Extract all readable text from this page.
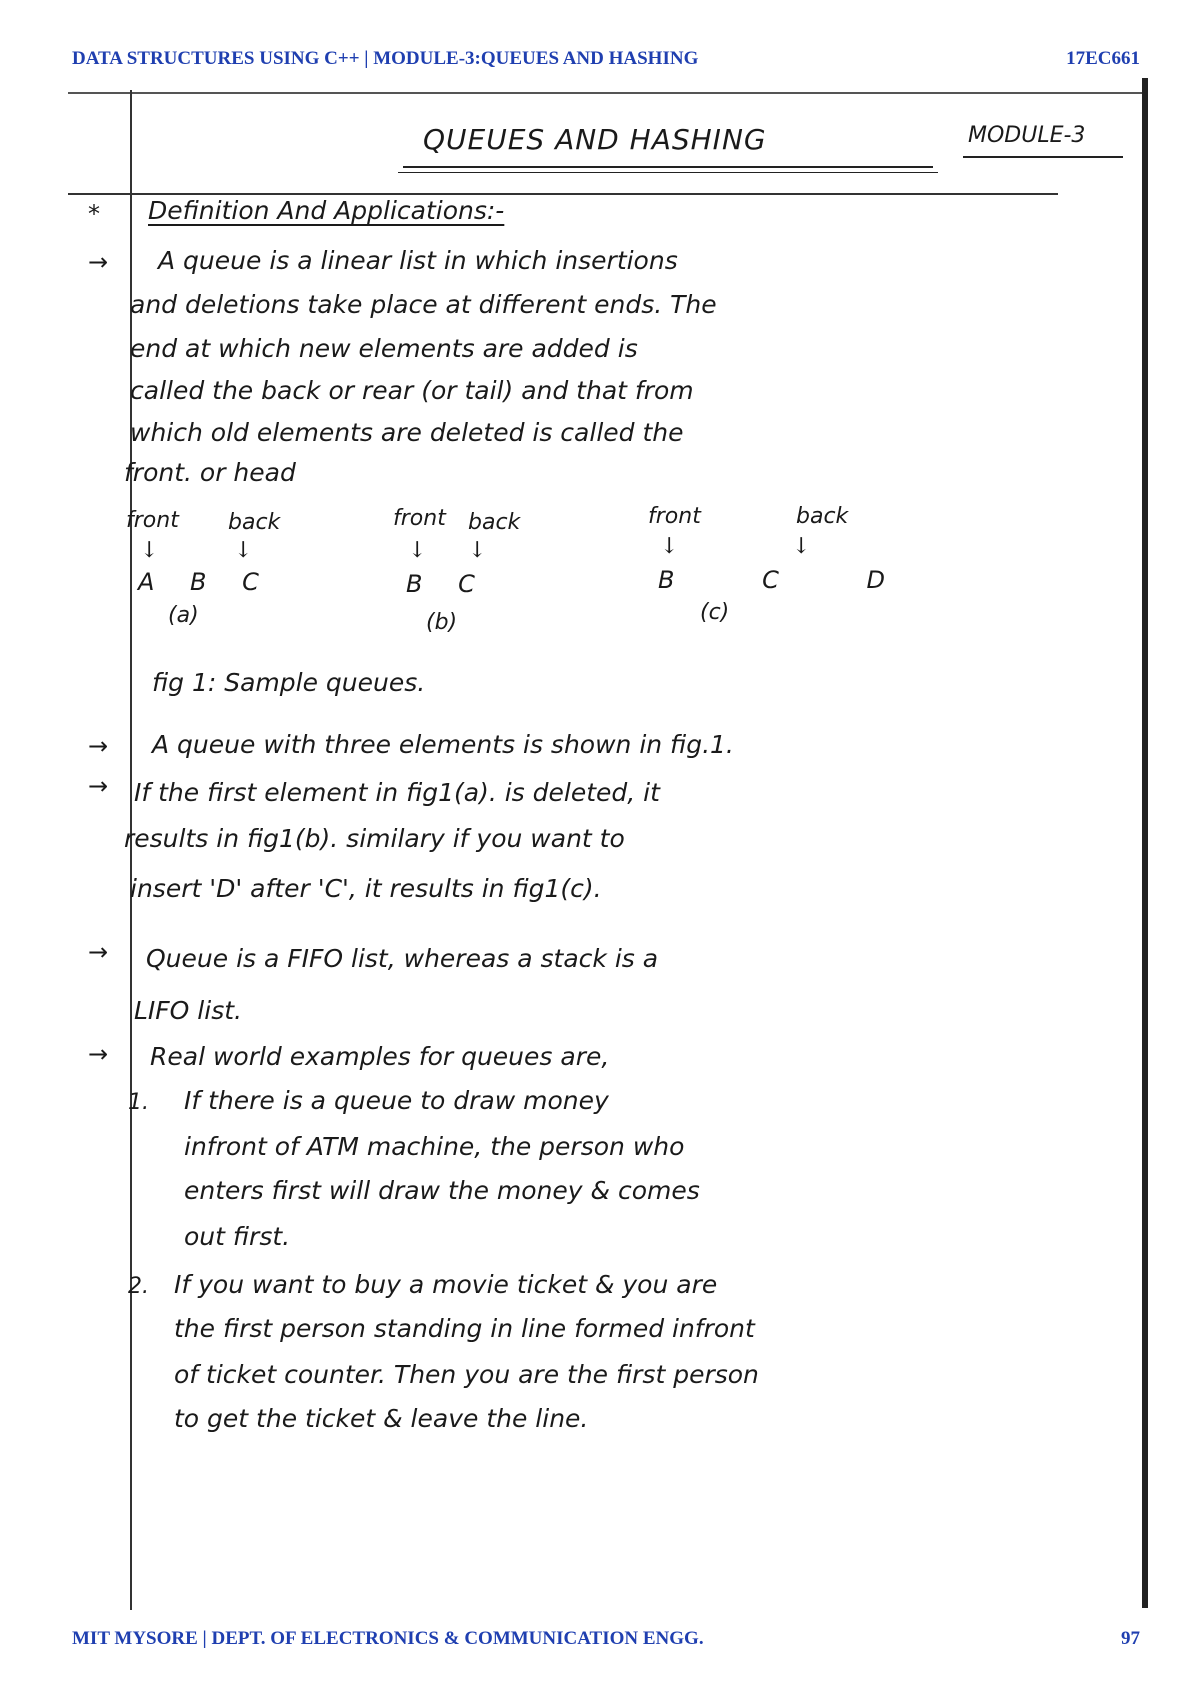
DATA STRUCTURES USING C++ | MODULE-3:QUEUES AND HASHING	17EC661
QUEUES AND HASHING	MODULE-3
* Definition And Applications:-
→ A queue is a linear list in which insertions
and deletions take place at different ends. The
end at which new elements are added is
called the back or rear (or tail) and that from
which old elements are deleted is called the
front. or head
front back
↓	↓
A B C
(a)
front back
↓ ↓
B C
(b)
front	back
↓	↓
B C D
(c)
fig 1: Sample queues.
→ A queue with three elements is shown in fig.1.
→ If the first element in fig1(a). is deleted, it
results in fig1(b). similary if you want to
insert 'D' after 'C', it results in fig1(c).
→ Queue is a FIFO list, whereas a stack is a
LIFO list.
→ Real world examples for queues are,
1. If there is a queue to draw money
infront of ATM machine, the person who
enters first will draw the money & comes
out first.
2. If you want to buy a movie ticket & you are
the first person standing in line formed infront
of ticket counter. Then you are the first person
to get the ticket & leave the line.
MIT MYSORE | DEPT. OF ELECTRONICS & COMMUNICATION ENGG.	97
